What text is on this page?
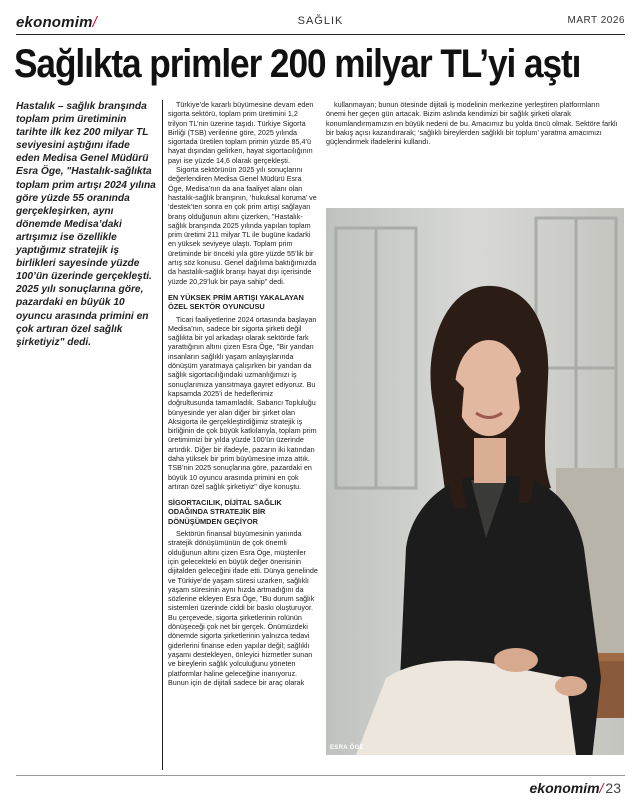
ekonomim/	SAĞLIK	MART 2026
Sağlıkta primler 200 milyar TL’yi aştı
Hastalık – sağlık branşında toplam prim üretiminin tarihte ilk kez 200 milyar TL seviyesini aştığını ifade eden Medisa Genel Müdürü Esra Öge, "Hastalık-sağlıkta toplam prim artışı 2024 yılına göre yüzde 55 oranında gerçekleşirken, aynı dönemde Medisa’daki artışımız ise özellikle yaptığımız stratejik iş birlikleri sayesinde yüzde 100’ün üzerinde gerçekleşti. 2025 yılı sonuçlarına göre, pazardaki en büyük 10 oyuncu arasında primini en çok artıran özel sağlık şirketiyiz" dedi.

Türkiye’de kararlı büyümesine devam eden sigorta sektörü, toplam prim üretimini 1,2 trilyon TL’nin üzerine taşıdı. Türkiye Sigorta Birliği (TSB) verilerine göre, 2025 yılında sigortada üretilen toplam primin yüzde 85,4’ü hayat dışından gelirken, hayat sigortacılığının payı ise yüzde 14,6 olarak gerçekleşti.

Sigorta sektörünün 2025 yılı sonuçlarını değerlendiren Medisa Genel Müdürü Esra Öge, Medisa’nın da ana faaliyet alanı olan hastalık-sağlık branşının, ‘hukuksal koruma’ ve ‘destek’ten sonra en çok prim artışı sağlayan branş olduğunun altını çizerken, "Hastalık-sağlık branşında 2025 yılında yapılan toplam prim üretimi 211 milyar TL ile bugüne kadarki en yüksek seviyeye ulaştı. Toplam prim üretiminde bir önceki yıla göre yüzde 55’lik bir artış söz konusu. Genel dağılıma baktığımızda da hastalık-sağlık branşı hayat dışı içerisinde yüzde 20,29’luk bir paya sahip" dedi.

EN YÜKSEK PRİM ARTIŞI YAKALAYAN ÖZEL SEKTÖR OYUNCUSU

Ticari faaliyetlerine 2024 ortasında başlayan Medisa’nın, sadece bir sigorta şirketi değil sağlıkta bir yol arkadaşı olarak sektörde fark yarattığının altını çizen Esra Öge, "Bir yandan insanların sağlıklı yaşam anlayışlarında dönüşüm yaratmaya çalışırken bir yandan da sağlık sigortacılığındaki uzmanlığımızı iş sonuçlarımıza yansıtmaya gayret ediyoruz. Bu kapsamda 2025’i de hedeflerimiz doğrultusunda tamamladık. Sabancı Topluluğu bünyesinde yer alan diğer bir şirket olan Aksigorta ile gerçekleştirdiğimiz stratejik iş birliğinin de çok büyük katkılarıyla, toplam prim üretimimizi bir yılda yüzde 100’ün üzerinde artırdık. Diğer bir ifadeyle, pazarın iki katından daha yüksek bir prim büyümesine imza attık. TSB’nin 2025 sonuçlarına göre, pazardaki en büyük 10 oyuncu arasında primini en çok artıran özel sağlık şirketiyiz" diye konuştu.

SİGORTACILIK, DİJİTAL SAĞLIK ODAĞINDA STRATEJİK BİR DÖNÜŞÜMDEN GEÇİYOR

Sektörün finansal büyümesinin yanında stratejik dönüşümünün de çok önemli olduğunun altını çizen Esra Öge, müşteriler için gelecekteki en büyük değer önerisinin dijitalden geleceğini ifade etti. Dünya genelinde ve Türkiye’de yaşam süresi uzarken, sağlıklı yaşam süresinin aynı hızda artmadığını da sözlerine ekleyen Esra Öge, "Bu durum sağlık sistemleri üzerinde ciddi bir baskı oluşturuyor. Bu çerçevede, sigorta şirketlerinin rolünün dönüşeceği çok net bir gerçek. Önümüzdeki dönemde sigorta şirketlerinin yalnızca tedavi giderlerini finanse eden yapılar değil; sağlıklı yaşamı destekleyen, önleyici hizmetler sunan ve bireylerin sağlık yolculuğunu yöneten platformlar haline geleceğine inanıyoruz. Bunun için de dijitali sadece bir araç olarak

kullanmayan; bunun ötesinde dijitali iş modelinin merkezine yerleştiren platformların önemi her geçen gün artacak. Bizim aslında kendimizi bir sağlık şirketi olarak konumlandırmamızın en büyük nedeni de bu. Amacımız bu yolda öncü olmak. Sektöre farklı bir bakış açısı kazandırarak; ‘sağlıklı bireylerden sağlıklı bir toplum’ yaratma amacımızı güçlendirmek ifadelerini kullandı.

ESRA ÖGE
ekonomim/ 23
